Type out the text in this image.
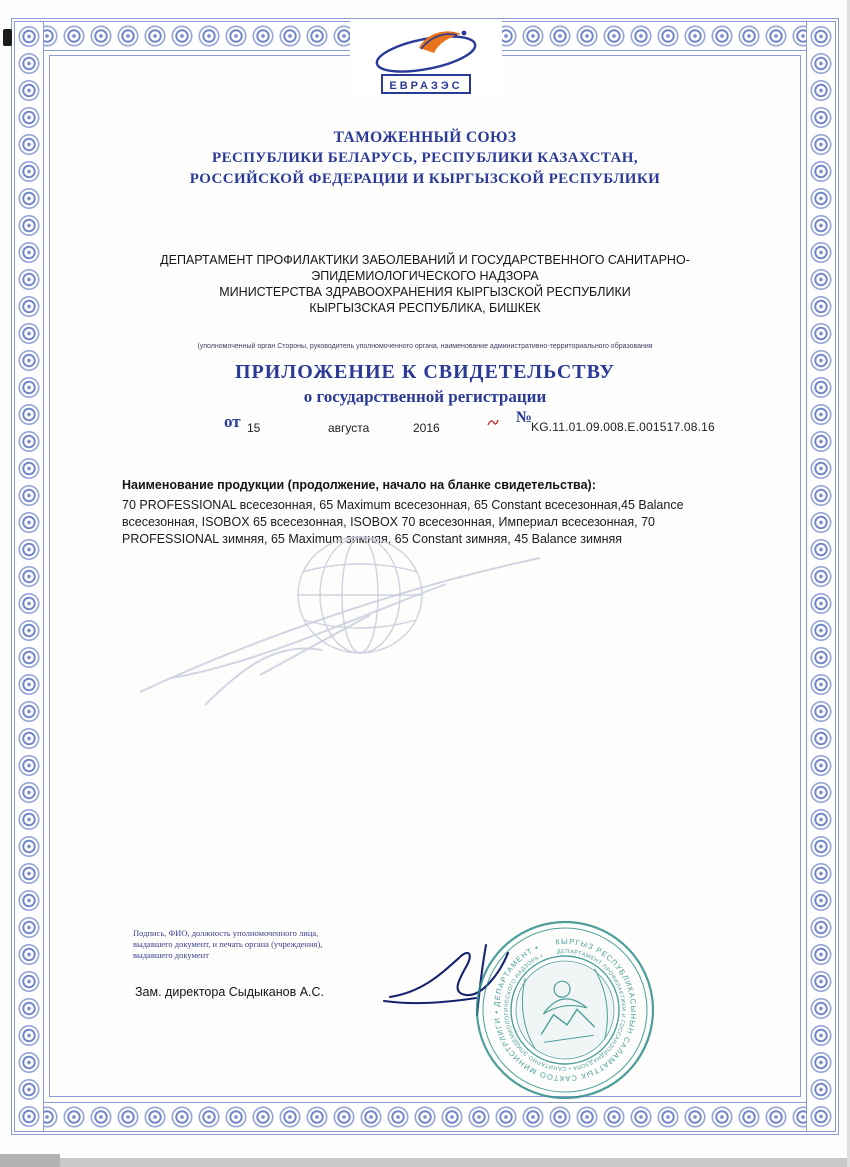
ЕВРАЗЭС
ТАМОЖЕННЫЙ СОЮЗ
РЕСПУБЛИКИ БЕЛАРУСЬ, РЕСПУБЛИКИ КАЗАХСТАН,
РОССИЙСКОЙ ФЕДЕРАЦИИ И КЫРГЫЗСКОЙ РЕСПУБЛИКИ
ДЕПАРТАМЕНТ ПРОФИЛАКТИКИ ЗАБОЛЕВАНИЙ И ГОСУДАРСТВЕННОГО САНИТАРНО-
ЭПИДЕМИОЛОГИЧЕСКОГО НАДЗОРА
МИНИСТЕРСТВА ЗДРАВООХРАНЕНИЯ КЫРГЫЗСКОЙ РЕСПУБЛИКИ
КЫРГЫЗСКАЯ РЕСПУБЛИКА, БИШКЕК
(уполномоченный орган Стороны, руководитель уполномоченного органа, наименование административно-территориального образования
ПРИЛОЖЕНИЕ К СВИДЕТЕЛЬСТВУ
о государственной регистрации
от 15	августа	2016
№
KG.11.01.09.008.E.001517.08.16
Наименование продукции (продолжение, начало на бланке свидетельства):
70 PROFESSIONAL всесезонная, 65 Maximum всесезонная, 65 Constant всесезонная,45 Balance всесезонная, ISOBOX 65 всесезонная, ISOBOX 70 всесезонная, Империал всесезонная, 70 PROFESSIONAL зимняя, 65 Maximum зимняя, 65 Constant зимняя, 45 Balance зимняя
Подпись, ФИО, должность уполномоченного лица,
выдавшего документ, и печать органа (учреждения),
выдавшего документ
Зам. директора Сыдыканов А.С.
КЫРГЫЗ РЕСПУБЛИКАСЫНЫН САЛАМАТТЫК САКТОО МИНИСТРЛИГИ • ДЕПАРТАМЕНТ •	ДЕПАРТАМЕНТ ПРОФИЛАКТИКИ И ГОССАНЭПИДНАДЗОРА • САНИТАРНО-ЭПИДЕМИОЛОГИЧЕСКОГО НАДЗОРА •
